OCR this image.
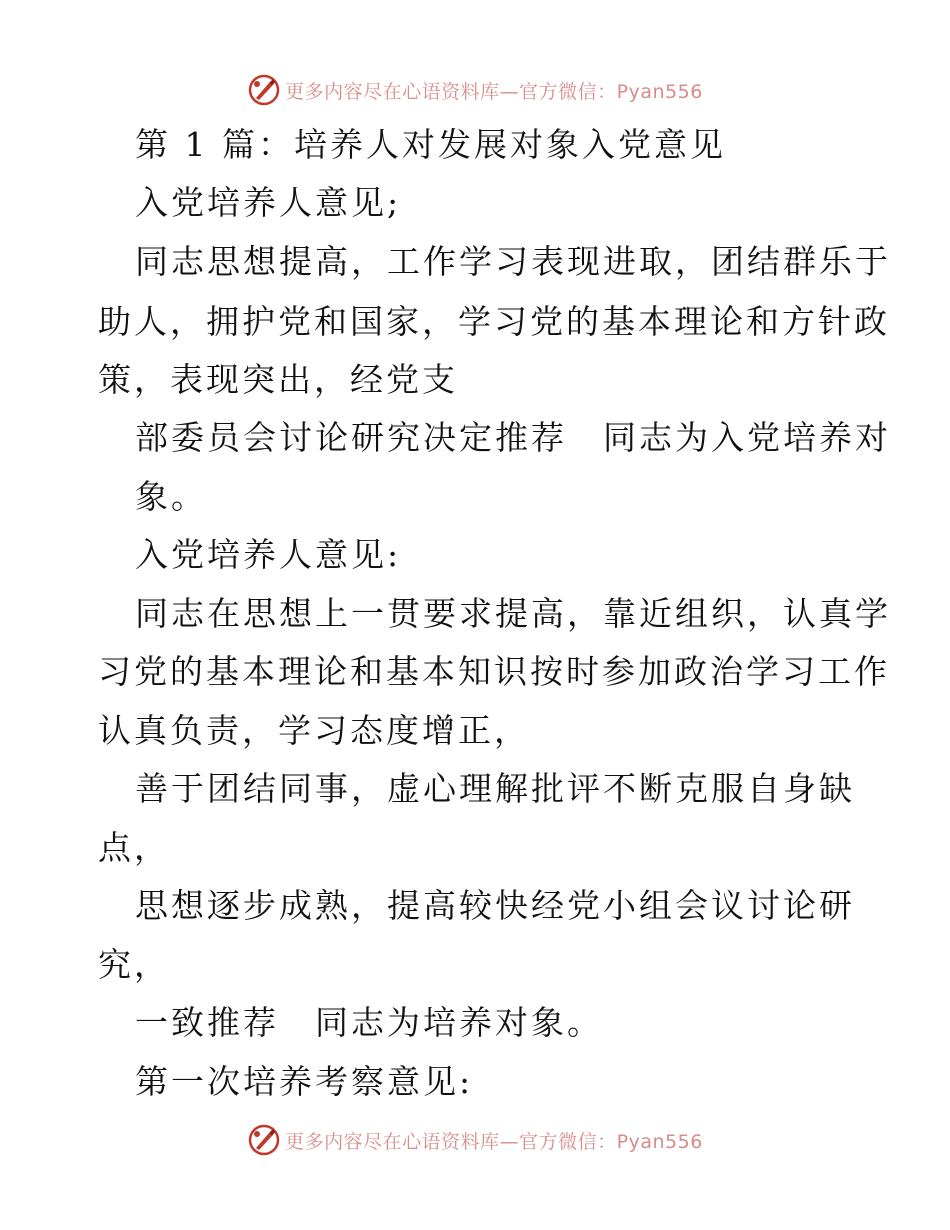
更多内容尽在心语资料库—官方微信：Pyan556
第 1 篇：培养人对发展对象入党意见
入党培养人意见;
同志思想提高，工作学习表现进取，团结群乐于
助人，拥护党和国家，学习党的基本理论和方针政
策，表现突出，经党支
部委员会讨论研究决定推荐　同志为入党培养对
象。
入党培养人意见:
同志在思想上一贯要求提高，靠近组织，认真学
习党的基本理论和基本知识按时参加政治学习工作
认真负责，学习态度增正，
善于团结同事，虚心理解批评不断克服自身缺
点，
思想逐步成熟，提高较快经党小组会议讨论研
究，
一致推荐　同志为培养对象。
第一次培养考察意见:
更多内容尽在心语资料库—官方微信：Pyan556
